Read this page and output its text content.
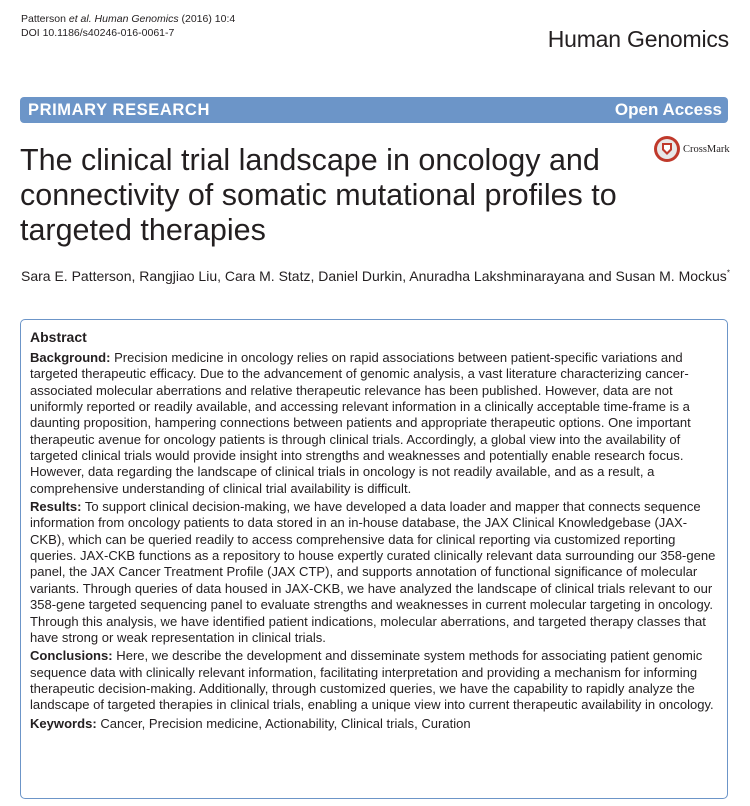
Patterson et al. Human Genomics (2016) 10:4
DOI 10.1186/s40246-016-0061-7	Human Genomics
PRIMARY RESEARCH	Open Access
CrossMark
The clinical trial landscape in oncology and connectivity of somatic mutational profiles to targeted therapies
Sara E. Patterson, Rangjiao Liu, Cara M. Statz, Daniel Durkin, Anuradha Lakshminarayana and Susan M. Mockus*
Abstract

Background: Precision medicine in oncology relies on rapid associations between patient-specific variations and targeted therapeutic efficacy. Due to the advancement of genomic analysis, a vast literature characterizing cancer-associated molecular aberrations and relative therapeutic relevance has been published. However, data are not uniformly reported or readily available, and accessing relevant information in a clinically acceptable time-frame is a daunting proposition, hampering connections between patients and appropriate therapeutic options. One important therapeutic avenue for oncology patients is through clinical trials. Accordingly, a global view into the availability of targeted clinical trials would provide insight into strengths and weaknesses and potentially enable research focus. However, data regarding the landscape of clinical trials in oncology is not readily available, and as a result, a comprehensive understanding of clinical trial availability is difficult.

Results: To support clinical decision-making, we have developed a data loader and mapper that connects sequence information from oncology patients to data stored in an in-house database, the JAX Clinical Knowledgebase (JAX-CKB), which can be queried readily to access comprehensive data for clinical reporting via customized reporting queries. JAX-CKB functions as a repository to house expertly curated clinically relevant data surrounding our 358-gene panel, the JAX Cancer Treatment Profile (JAX CTP), and supports annotation of functional significance of molecular variants. Through queries of data housed in JAX-CKB, we have analyzed the landscape of clinical trials relevant to our 358-gene targeted sequencing panel to evaluate strengths and weaknesses in current molecular targeting in oncology. Through this analysis, we have identified patient indications, molecular aberrations, and targeted therapy classes that have strong or weak representation in clinical trials.

Conclusions: Here, we describe the development and disseminate system methods for associating patient genomic sequence data with clinically relevant information, facilitating interpretation and providing a mechanism for informing therapeutic decision-making. Additionally, through customized queries, we have the capability to rapidly analyze the landscape of targeted therapies in clinical trials, enabling a unique view into current therapeutic availability in oncology.

Keywords: Cancer, Precision medicine, Actionability, Clinical trials, Curation
